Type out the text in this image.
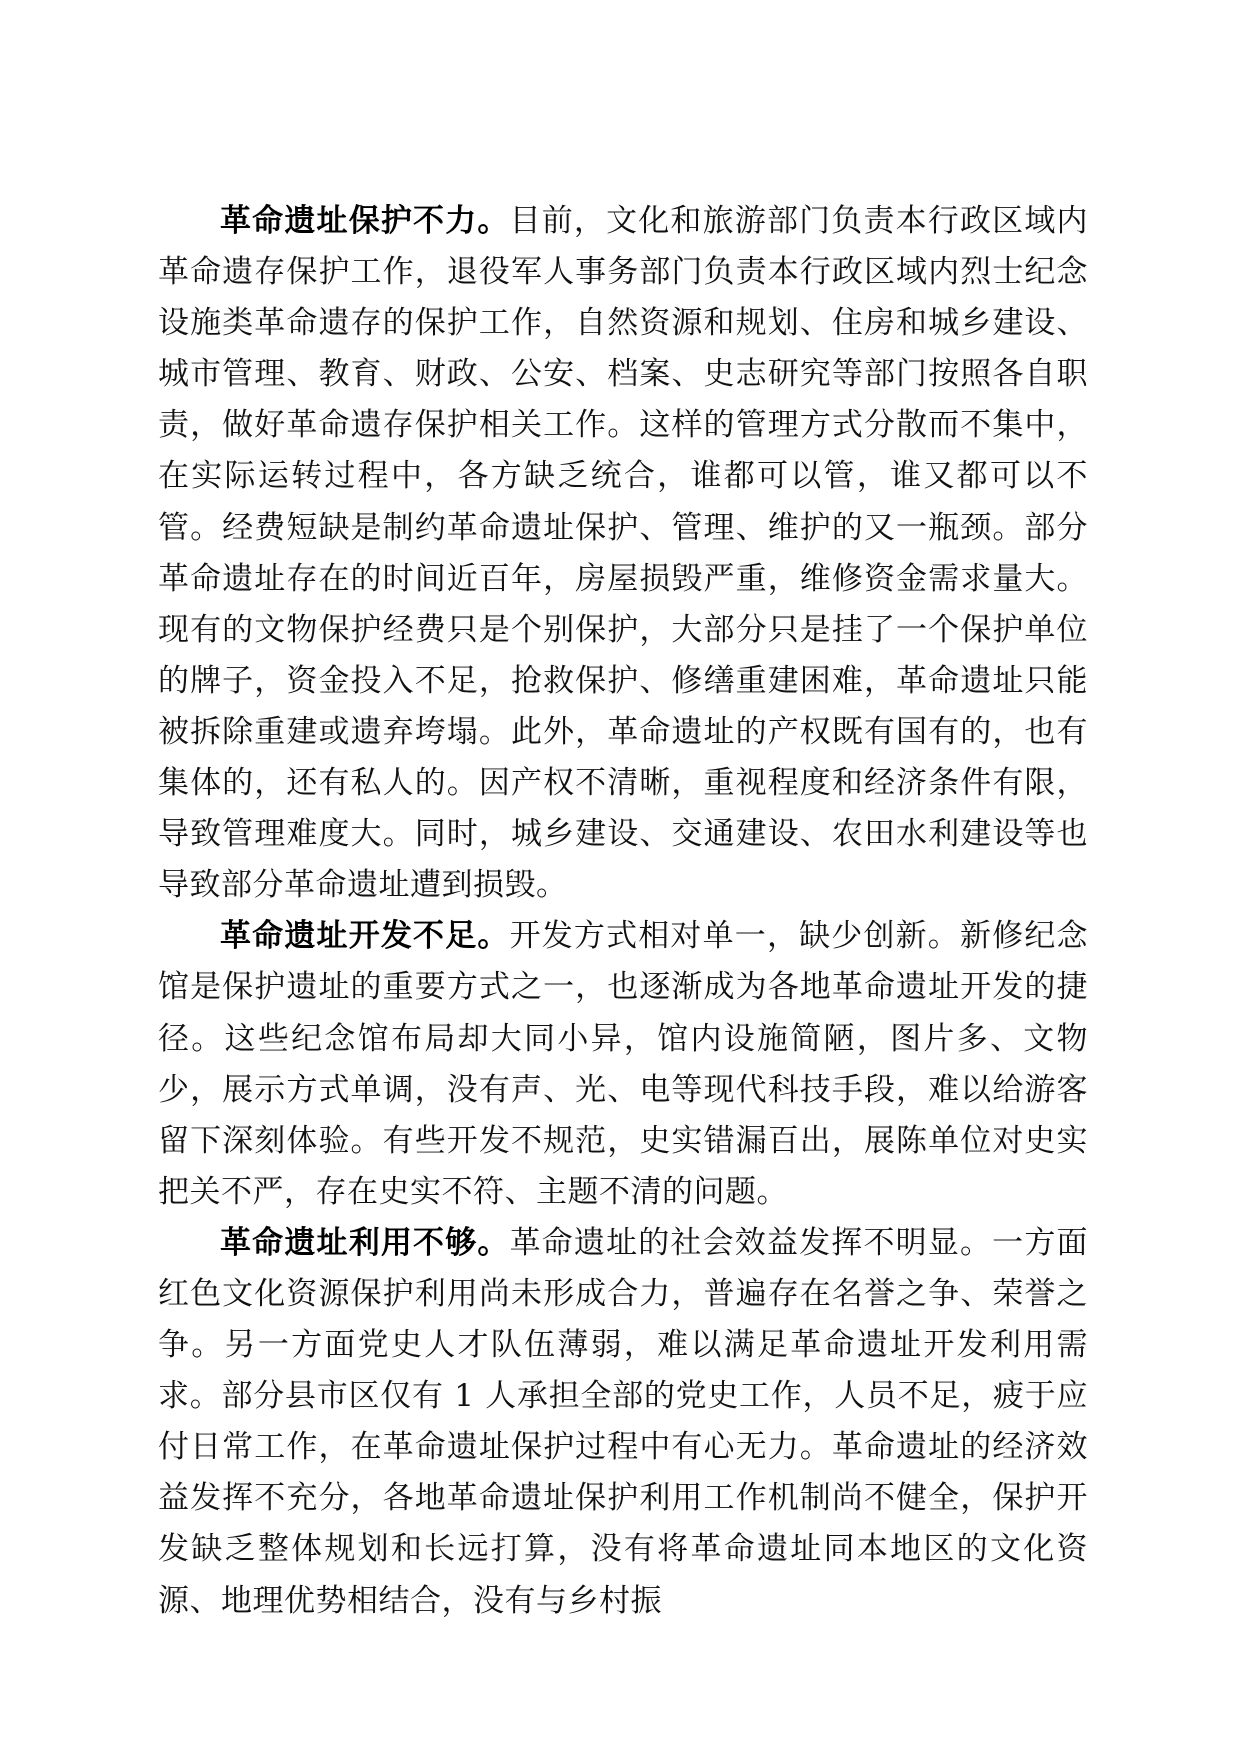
革命遗址保护不力。目前，文化和旅游部门负责本行政区域内革命遗存保护工作，退役军人事务部门负责本行政区域内烈士纪念设施类革命遗存的保护工作，自然资源和规划、住房和城乡建设、城市管理、教育、财政、公安、档案、史志研究等部门按照各自职责，做好革命遗存保护相关工作。这样的管理方式分散而不集中，在实际运转过程中，各方缺乏统合，谁都可以管，谁又都可以不管。经费短缺是制约革命遗址保护、管理、维护的又一瓶颈。部分革命遗址存在的时间近百年，房屋损毁严重，维修资金需求量大。现有的文物保护经费只是个别保护，大部分只是挂了一个保护单位的牌子，资金投入不足，抢救保护、修缮重建困难，革命遗址只能被拆除重建或遗弃垮塌。此外，革命遗址的产权既有国有的，也有集体的，还有私人的。因产权不清晰，重视程度和经济条件有限，导致管理难度大。同时，城乡建设、交通建设、农田水利建设等也导致部分革命遗址遭到损毁。

革命遗址开发不足。开发方式相对单一，缺少创新。新修纪念馆是保护遗址的重要方式之一，也逐渐成为各地革命遗址开发的捷径。这些纪念馆布局却大同小异，馆内设施简陋，图片多、文物少，展示方式单调，没有声、光、电等现代科技手段，难以给游客留下深刻体验。有些开发不规范，史实错漏百出，展陈单位对史实把关不严，存在史实不符、主题不清的问题。

革命遗址利用不够。革命遗址的社会效益发挥不明显。一方面红色文化资源保护利用尚未形成合力，普遍存在名誉之争、荣誉之争。另一方面党史人才队伍薄弱，难以满足革命遗址开发利用需求。部分县市区仅有 1 人承担全部的党史工作，人员不足，疲于应付日常工作，在革命遗址保护过程中有心无力。革命遗址的经济效益发挥不充分，各地革命遗址保护利用工作机制尚不健全，保护开发缺乏整体规划和长远打算，没有将革命遗址同本地区的文化资源、地理优势相结合，没有与乡村振
